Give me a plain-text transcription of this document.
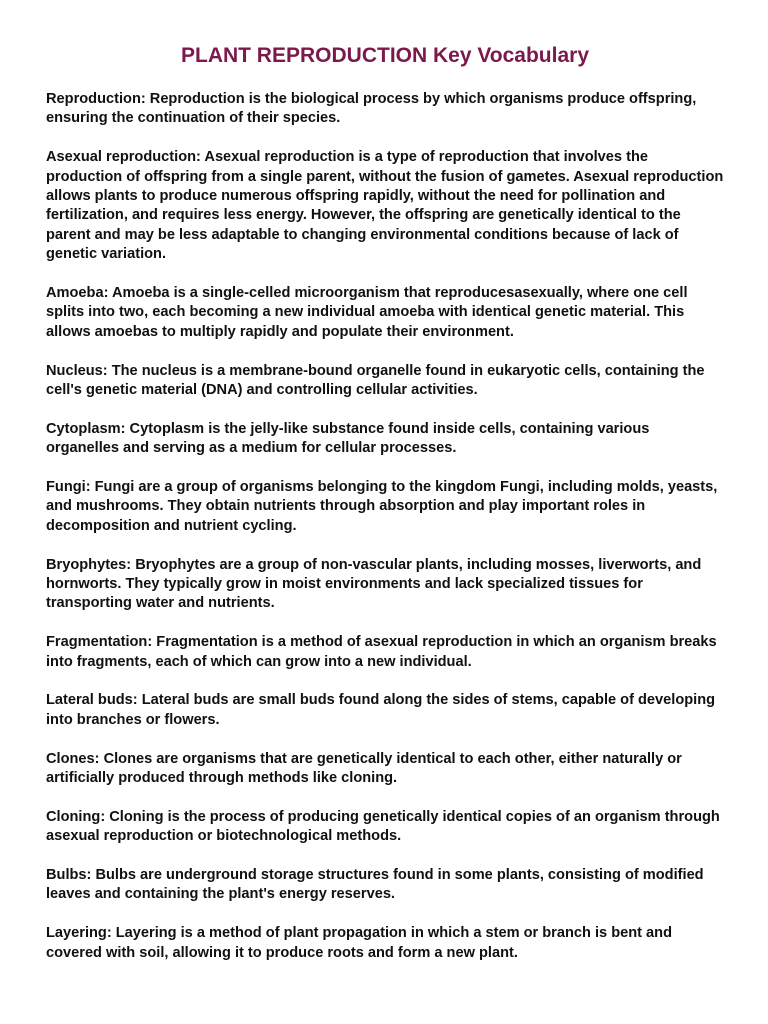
PLANT REPRODUCTION Key Vocabulary

Reproduction : Reproduction is the biological process by which organisms produce offspring, ensuring the continuation of their species.

Asexual reproduction : Asexual reproduction is a type of reproduction that involves the production of offspring from a single parent, without the fusion of gametes. Asexual reproduction allows plants to produce numerous offspring rapidly, without the need for pollination and fertilization, and requires less energy. However, the offspring are genetically identical to the parent and may be less adaptable to changing environmental conditions because of lack of genetic variation.

Amoeba : Amoeba is a single-celled microorganism that reproducesasexually, where one cell splits into two, each becoming a new individual amoeba with identical genetic material. This allows amoebas to multiply rapidly and populate their environment.

Nucleus : The nucleus is a membrane-bound organelle found in eukaryotic cells, containing the cell's genetic material (DNA) and controlling cellular activities.

Cytoplasm : Cytoplasm is the jelly-like substance found inside cells, containing various organelles and serving as a medium for cellular processes.

Fungi : Fungi are a group of organisms belonging to the kingdom Fungi, including molds, yeasts, and mushrooms. They obtain nutrients through absorption and play important roles in decomposition and nutrient cycling.

Bryophytes : Bryophytes are a group of non-vascular plants, including mosses, liverworts, and hornworts. They typically grow in moist environments and lack specialized tissues for transporting water and nutrients.

Fragmentation : Fragmentation is a method of asexual reproduction in which an organism breaks into fragments, each of which can grow into a new individual.

Lateral buds : Lateral buds are small buds found along the sides of stems, capable of developing into branches or flowers.

Clones : Clones are organisms that are genetically identical to each other, either naturally or artificially produced through methods like cloning.

Cloning : Cloning is the process of producing genetically identical copies of an organism through asexual reproduction or biotechnological methods.

Bulbs : Bulbs are underground storage structures found in some plants, consisting of modified leaves and containing the plant's energy reserves.

Layering : Layering is a method of plant propagation in which a stem or branch is bent and covered with soil, allowing it to produce roots and form a new plant.
